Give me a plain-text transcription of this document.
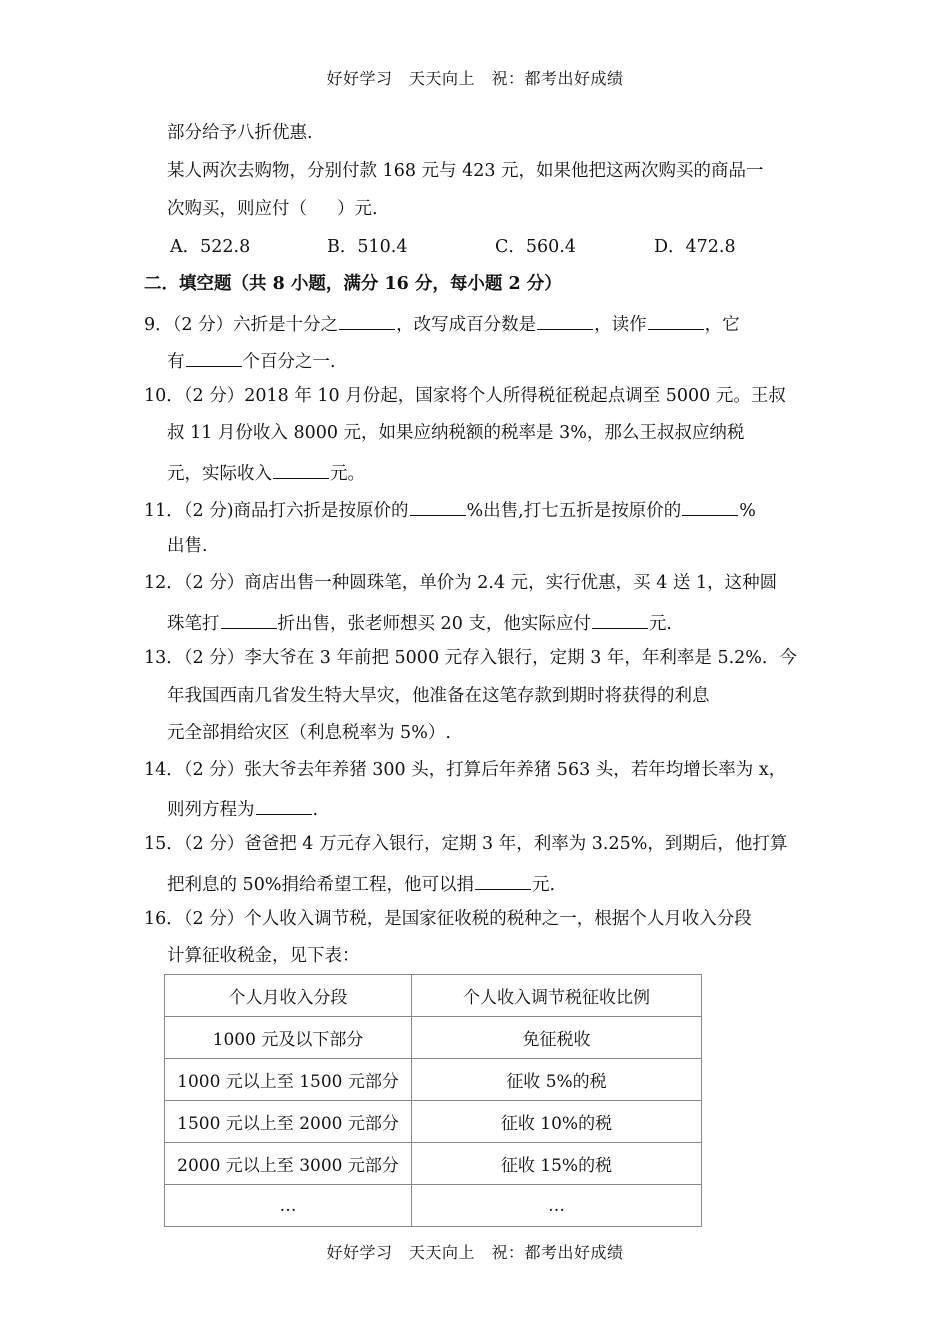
好好学习　天天向上　祝：都考出好成绩
部分给予八折优惠.
某人两次去购物，分别付款 168 元与 423 元，如果他把这两次购买的商品一
次购买，则应付（ ）元.
A．522.8	B．510.4	C．560.4	D．472.8
二．填空题（共 8 小题，满分 16 分，每小题 2 分）
9．（2 分）六折是十分之	，改写成百分数是	，读作	，它
有	个百分之一.
10．（2 分）2018 年 10 月份起，国家将个人所得税征税起点调至 5000 元。王叔
叔 11 月份收入 8000 元，如果应纳税额的税率是 3%，那么王叔叔应纳税
元，实际收入	元。
11．（2 分)商品打六折是按原价的	%出售,打七五折是按原价的	%
出售.
12．（2 分）商店出售一种圆珠笔，单价为 2.4 元，实行优惠，买 4 送 1，这种圆
珠笔打	折出售，张老师想买 20 支，他实际应付	元.
13．（2 分）李大爷在 3 年前把 5000 元存入银行，定期 3 年，年利率是 5.2%．今
年我国西南几省发生特大旱灾，他准备在这笔存款到期时将获得的利息
元全部捐给灾区（利息税率为 5%）.
14．（2 分）张大爷去年养猪 300 头，打算后年养猪 563 头，若年均增长率为 x，
则列方程为	.
15．（2 分）爸爸把 4 万元存入银行，定期 3 年，利率为 3.25%，到期后，他打算
把利息的 50%捐给希望工程，他可以捐	元.
16．（2 分）个人收入调节税，是国家征收税的税种之一，根据个人月收入分段
计算征收税金，见下表：
个人月收入分段	个人收入调节税征收比例
1000 元及以下部分	免征税收
1000 元以上至 1500 元部分	征收 5%的税
1500 元以上至 2000 元部分	征收 10%的税
2000 元以上至 3000 元部分	征收 15%的税
…	…
好好学习　天天向上　祝：都考出好成绩
